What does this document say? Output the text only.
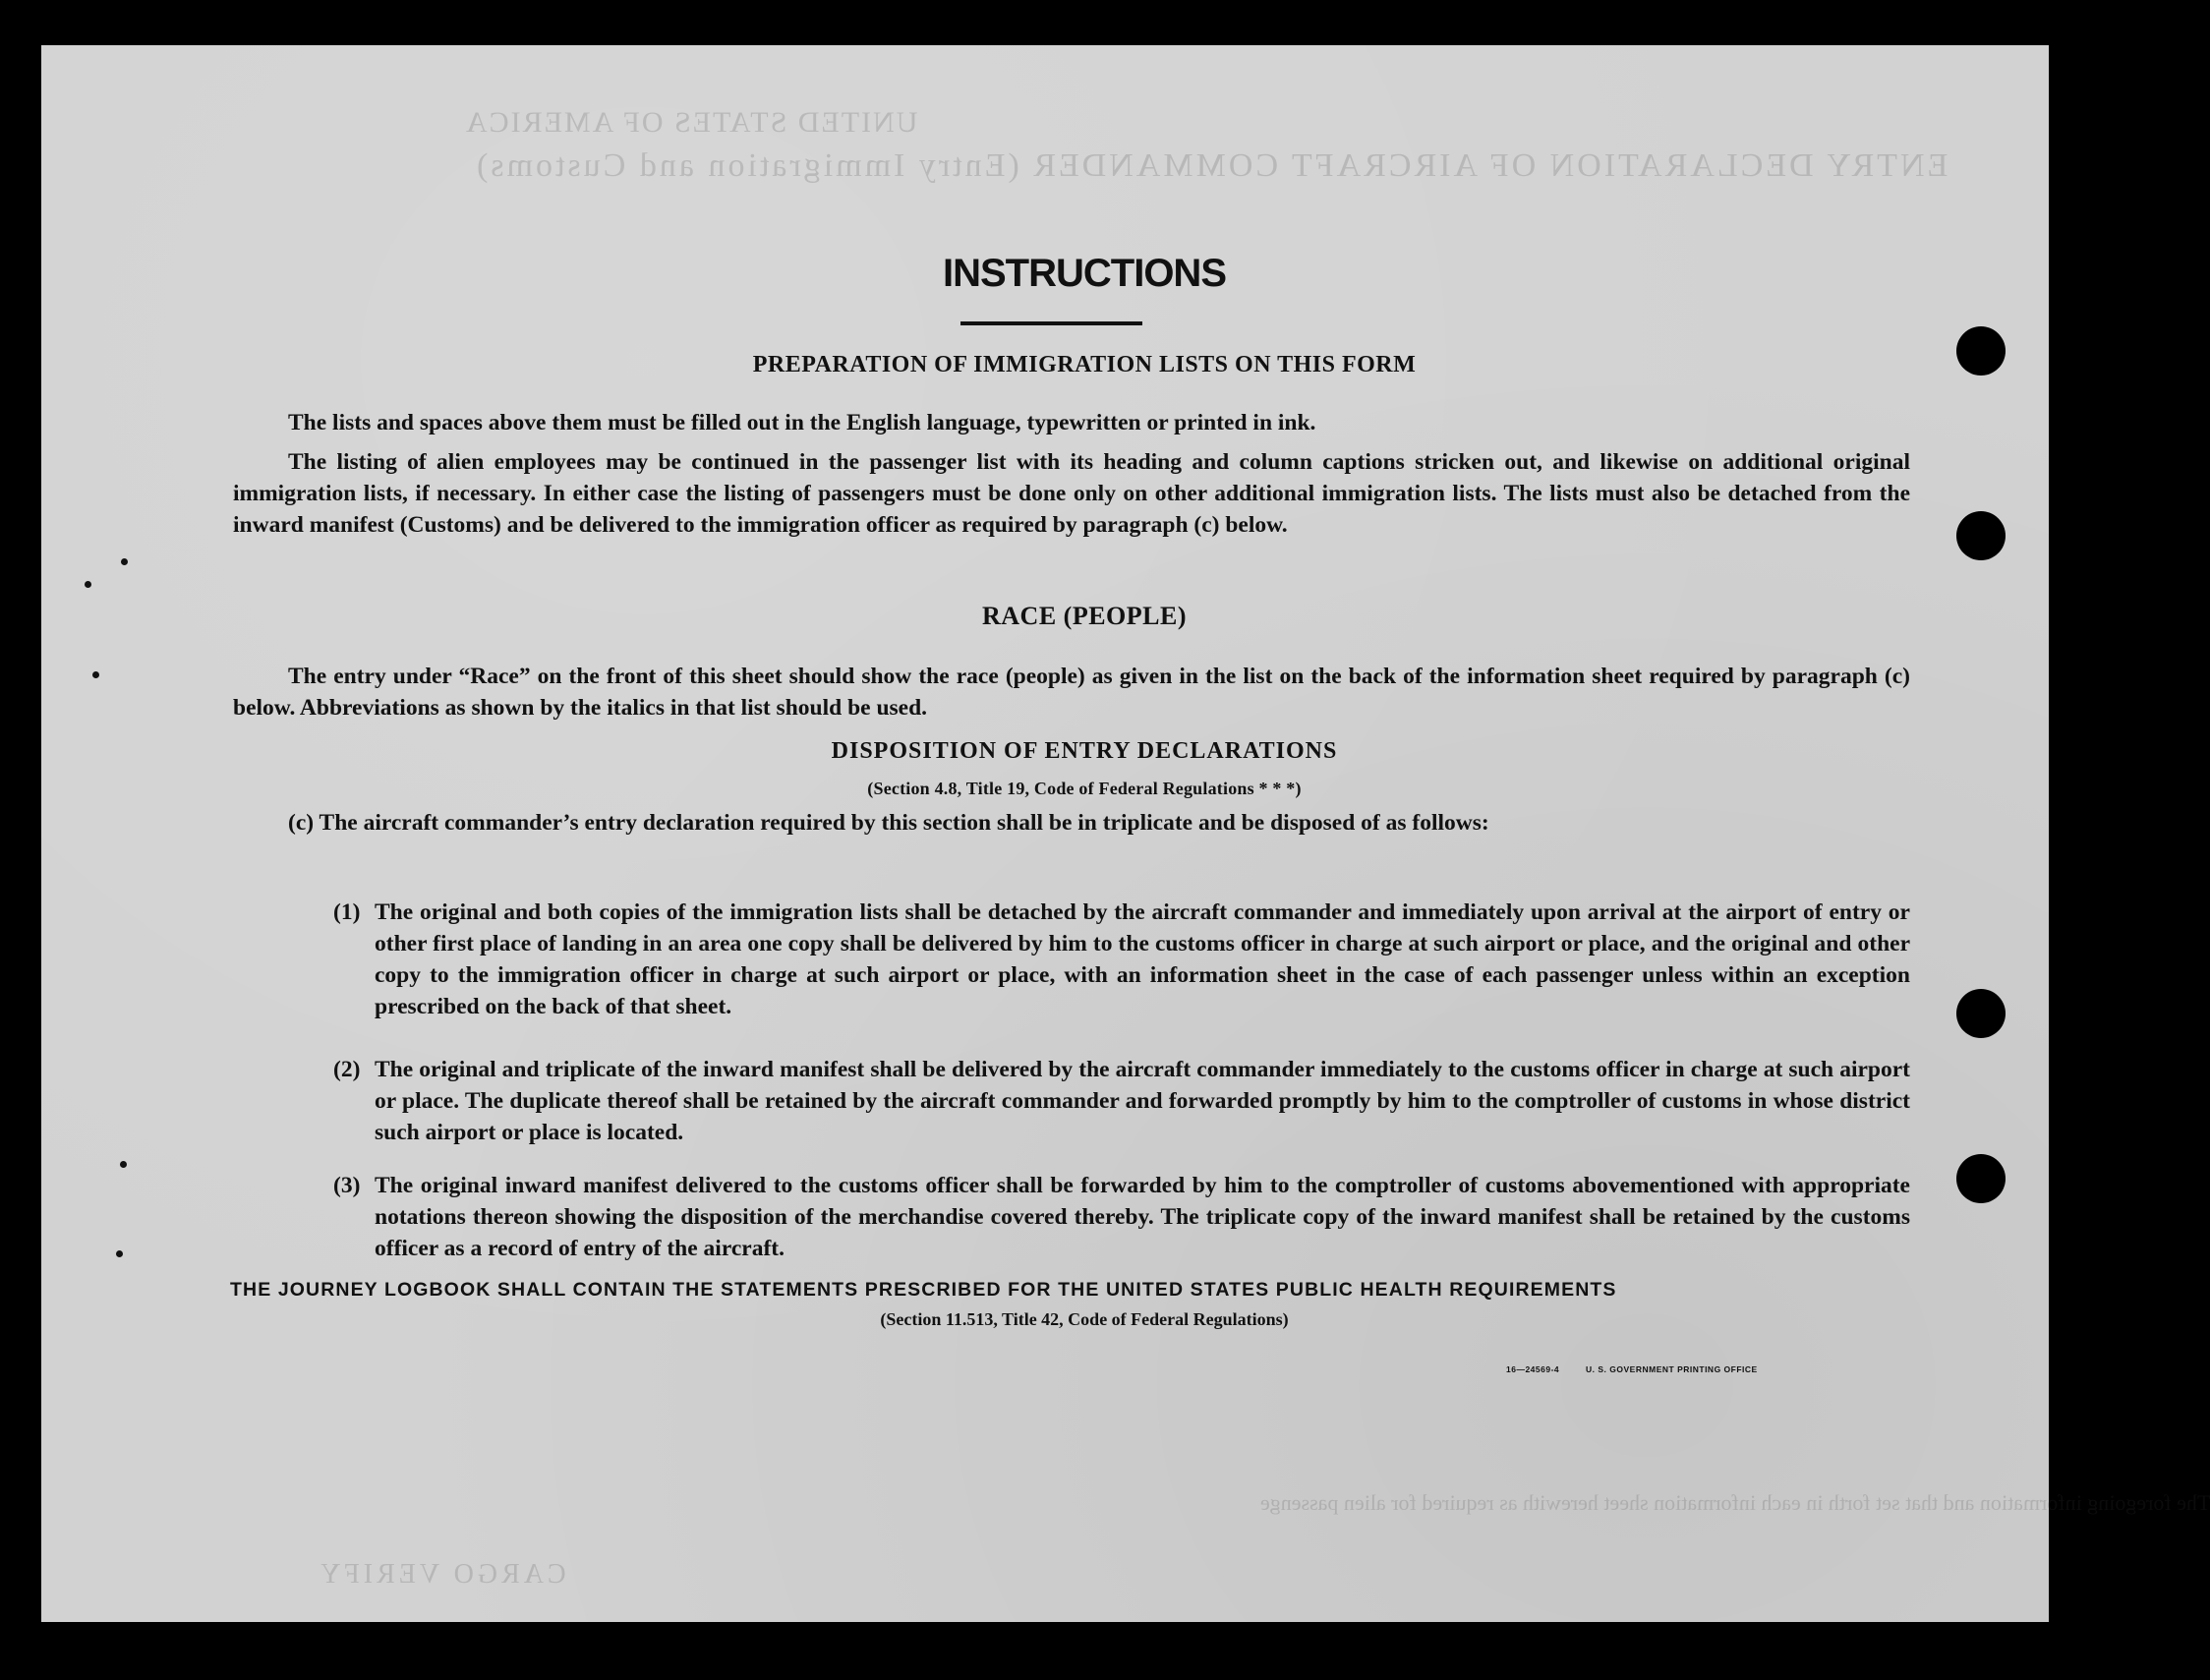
UNITED STATES OF AMERICA
ENTRY DECLARATION OF AIRCRAFT COMMANDER (Entry Immigration and Customs)
The foregoing information and that set forth in each information sheet herewith as required for alien passenge
CARGO VERIFY
INSTRUCTIONS
PREPARATION OF IMMIGRATION LISTS ON THIS FORM
The lists and spaces above them must be filled out in the English language, typewritten or printed in ink.
The listing of alien employees may be continued in the passenger list with its heading and column captions stricken out, and likewise on additional original immigration lists, if necessary. In either case the listing of passengers must be done only on other additional immigration lists. The lists must also be detached from the inward manifest (Customs) and be delivered to the immigration officer as required by paragraph (c) below.
RACE (PEOPLE)
The entry under “Race” on the front of this sheet should show the race (people) as given in the list on the back of the information sheet required by paragraph (c) below. Abbreviations as shown by the italics in that list should be used.
DISPOSITION OF ENTRY DECLARATIONS
(Section 4.8, Title 19, Code of Federal Regulations * * *)
(c) The aircraft commander’s entry declaration required by this section shall be in triplicate and be disposed of as follows:
(1) The original and both copies of the immigration lists shall be detached by the aircraft commander and immediately upon arrival at the airport of entry or other first place of landing in an area one copy shall be delivered by him to the customs officer in charge at such airport or place, and the original and other copy to the immigration officer in charge at such airport or place, with an information sheet in the case of each passenger unless within an exception prescribed on the back of that sheet.
(2) The original and triplicate of the inward manifest shall be delivered by the aircraft commander immediately to the customs officer in charge at such airport or place. The duplicate thereof shall be retained by the aircraft commander and forwarded promptly by him to the comptroller of customs in whose district such airport or place is located.
(3) The original inward manifest delivered to the customs officer shall be forwarded by him to the comptroller of customs abovementioned with appropriate notations thereon showing the disposition of the merchandise covered thereby. The triplicate copy of the inward manifest shall be retained by the customs officer as a record of entry of the aircraft.
THE JOURNEY LOGBOOK SHALL CONTAIN THE STATEMENTS PRESCRIBED FOR THE UNITED STATES PUBLIC HEALTH REQUIREMENTS
(Section 11.513, Title 42, Code of Federal Regulations)
16—24569-4	U. S. GOVERNMENT PRINTING OFFICE
